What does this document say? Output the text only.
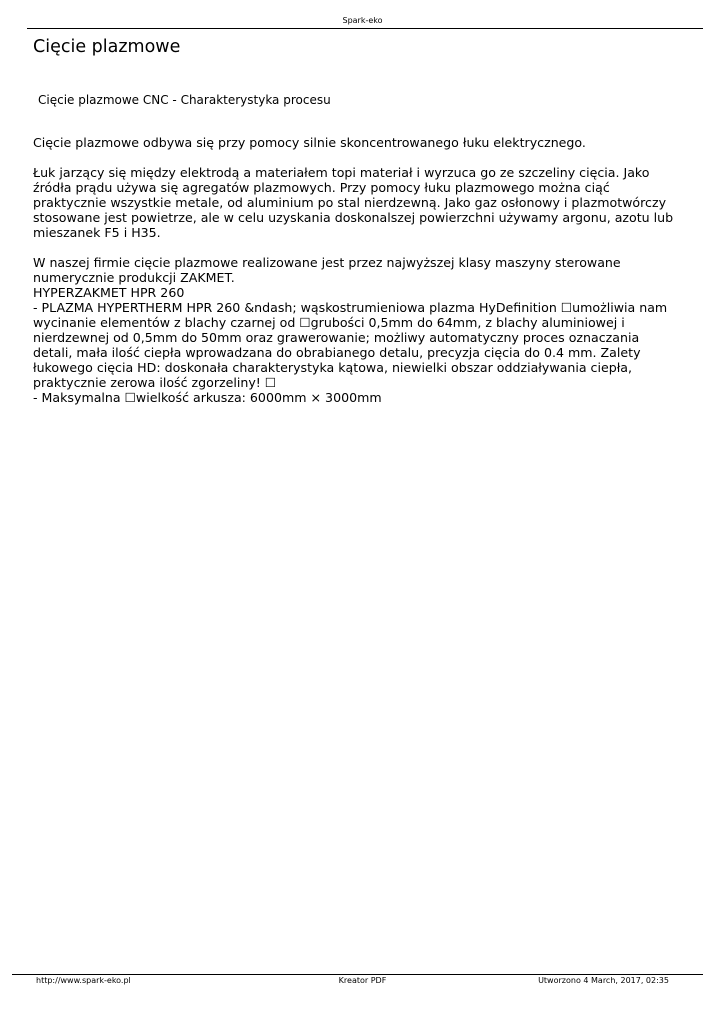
Spark-eko
Cięcie plazmowe

Cięcie plazmowe CNC - Charakterystyka procesu

Cięcie plazmowe odbywa się przy pomocy silnie skoncentrowanego łuku elektrycznego.

Łuk jarzący się między elektrodą a materiałem topi materiał i wyrzuca go ze szczeliny cięcia. Jako źródła prądu używa się agregatów plazmowych. Przy pomocy łuku plazmowego można ciąć praktycznie wszystkie metale, od aluminium po stal nierdzewną. Jako gaz osłonowy i plazmotwórczy stosowane jest powietrze, ale w celu uzyskania doskonalszej powierzchni używamy argonu, azotu lub mieszanek F5 i H35.

W naszej firmie cięcie plazmowe realizowane jest przez najwyższej klasy maszyny sterowane numerycznie produkcji ZAKMET.

HYPERZAKMET HPR 260

- PLAZMA HYPERTHERM HPR 260 &ndash; wąskostrumieniowa plazma HyDefinition ☐umożliwia nam wycinanie elementów z blachy czarnej od ☐grubości 0,5mm do 64mm, z blachy aluminiowej i nierdzewnej od 0,5mm do 50mm oraz grawerowanie; możliwy automatyczny proces oznaczania detali, mała ilość ciepła wprowadzana do obrabianego detalu, precyzja cięcia do 0.4 mm. Zalety łukowego cięcia HD: doskonała charakterystyka kątowa, niewielki obszar oddziaływania ciepła, praktycznie zerowa ilość zgorzeliny! ☐

- Maksymalna ☐wielkość arkusza: 6000mm × 3000mm

http://www.spark-eko.pl	Kreator PDF	Utworzono 4 March, 2017, 02:35
